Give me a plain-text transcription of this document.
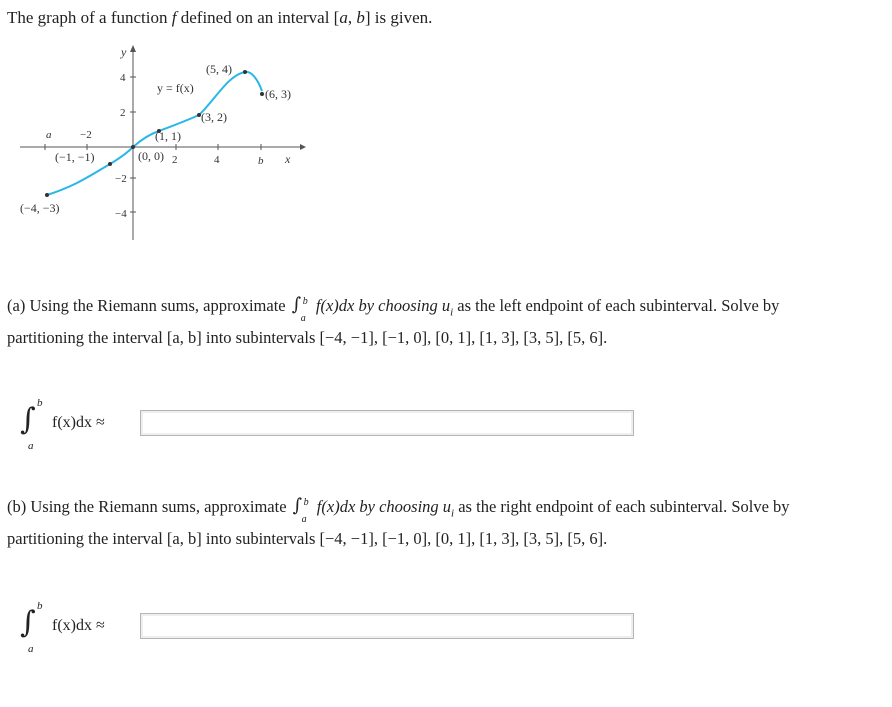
The graph of a function f defined on an interval [a, b] is given.
y
x
a	−2
2	4	b
4
2
−2
−4
y = f(x)
(−4, −3)
(−1, −1)	(0, 0)
(1, 1)
(3, 2)
(5, 4)
(6, 3)
(a) Using the Riemann sums, approximate ∫ b
a
f(x)dx by choosing $u_i$ as the left endpoint of each subinterval. Solve by
partitioning the interval [a, b] into subintervals [−4, −1], [−1, 0], [0, 1], [1, 3], [3, 5], [5, 6].
∫ b
a
f(x)dx ≈
(b) Using the Riemann sums, approximate ∫ b
a
f(x)dx by choosing $u_i$ as the right endpoint of each subinterval. Solve by
partitioning the interval [a, b] into subintervals [−4, −1], [−1, 0], [0, 1], [1, 3], [3, 5], [5, 6].
∫ b
a
f(x)dx ≈
